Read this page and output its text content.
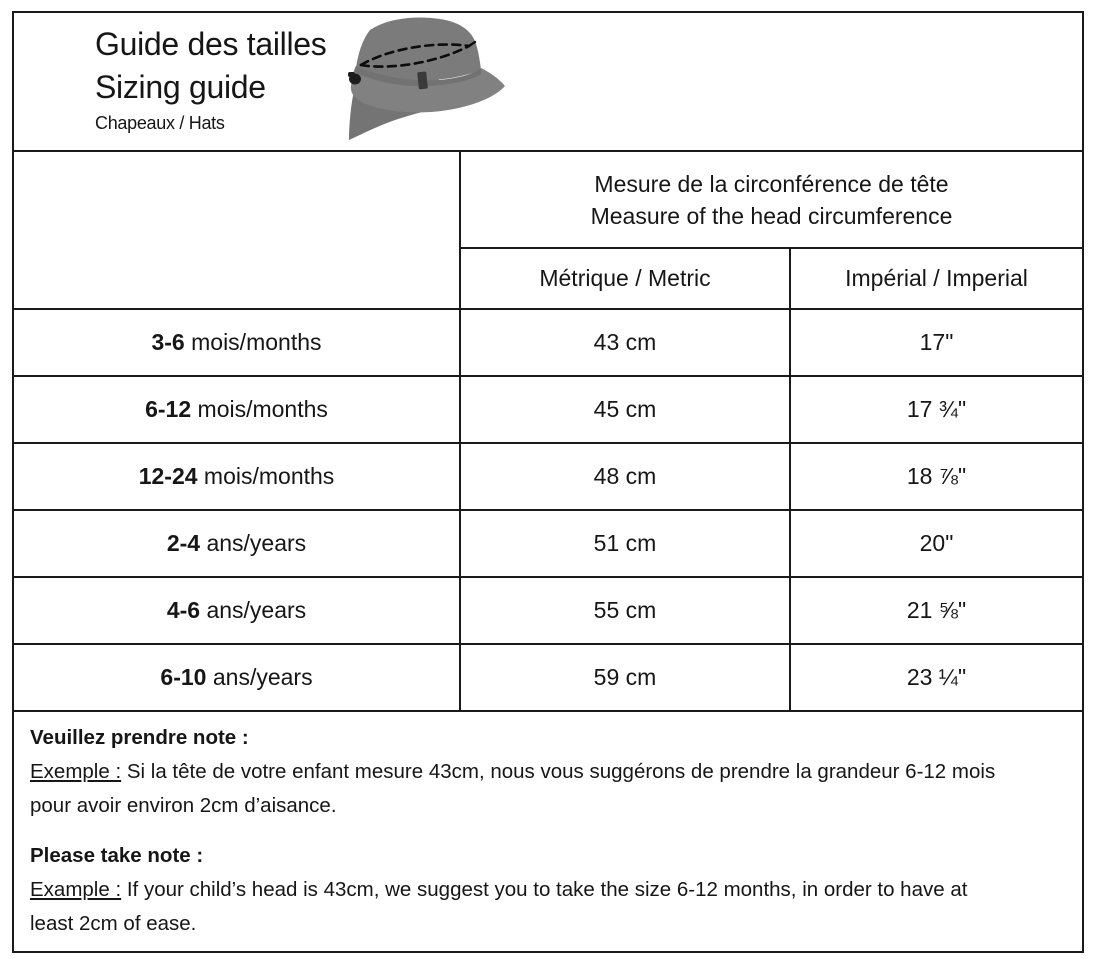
Guide des tailles
Sizing guide
Chapeaux / Hats

	Mesure de la circonférence de tête
Measure of the head circumference	

	Métrique / Metric	Impérial / Imperial
3-6 mois/months	43 cm	17"
6-12 mois/months	45 cm	17 ¾"
12-24 mois/months	48 cm	18 ⅞"
2-4 ans/years	51 cm	20"
4-6 ans/years	55 cm	21 ⅝"
6-10 ans/years	59 cm	23 ¼"

Veuillez prendre note :

Exemple : Si la tête de votre enfant mesure 43cm, nous vous suggérons de prendre la grandeur 6-12 mois pour avoir environ 2cm d’aisance.

Please take note :

Example : If your child’s head is 43cm, we suggest you to take the size 6-12 months, in order to have at least 2cm of ease.
